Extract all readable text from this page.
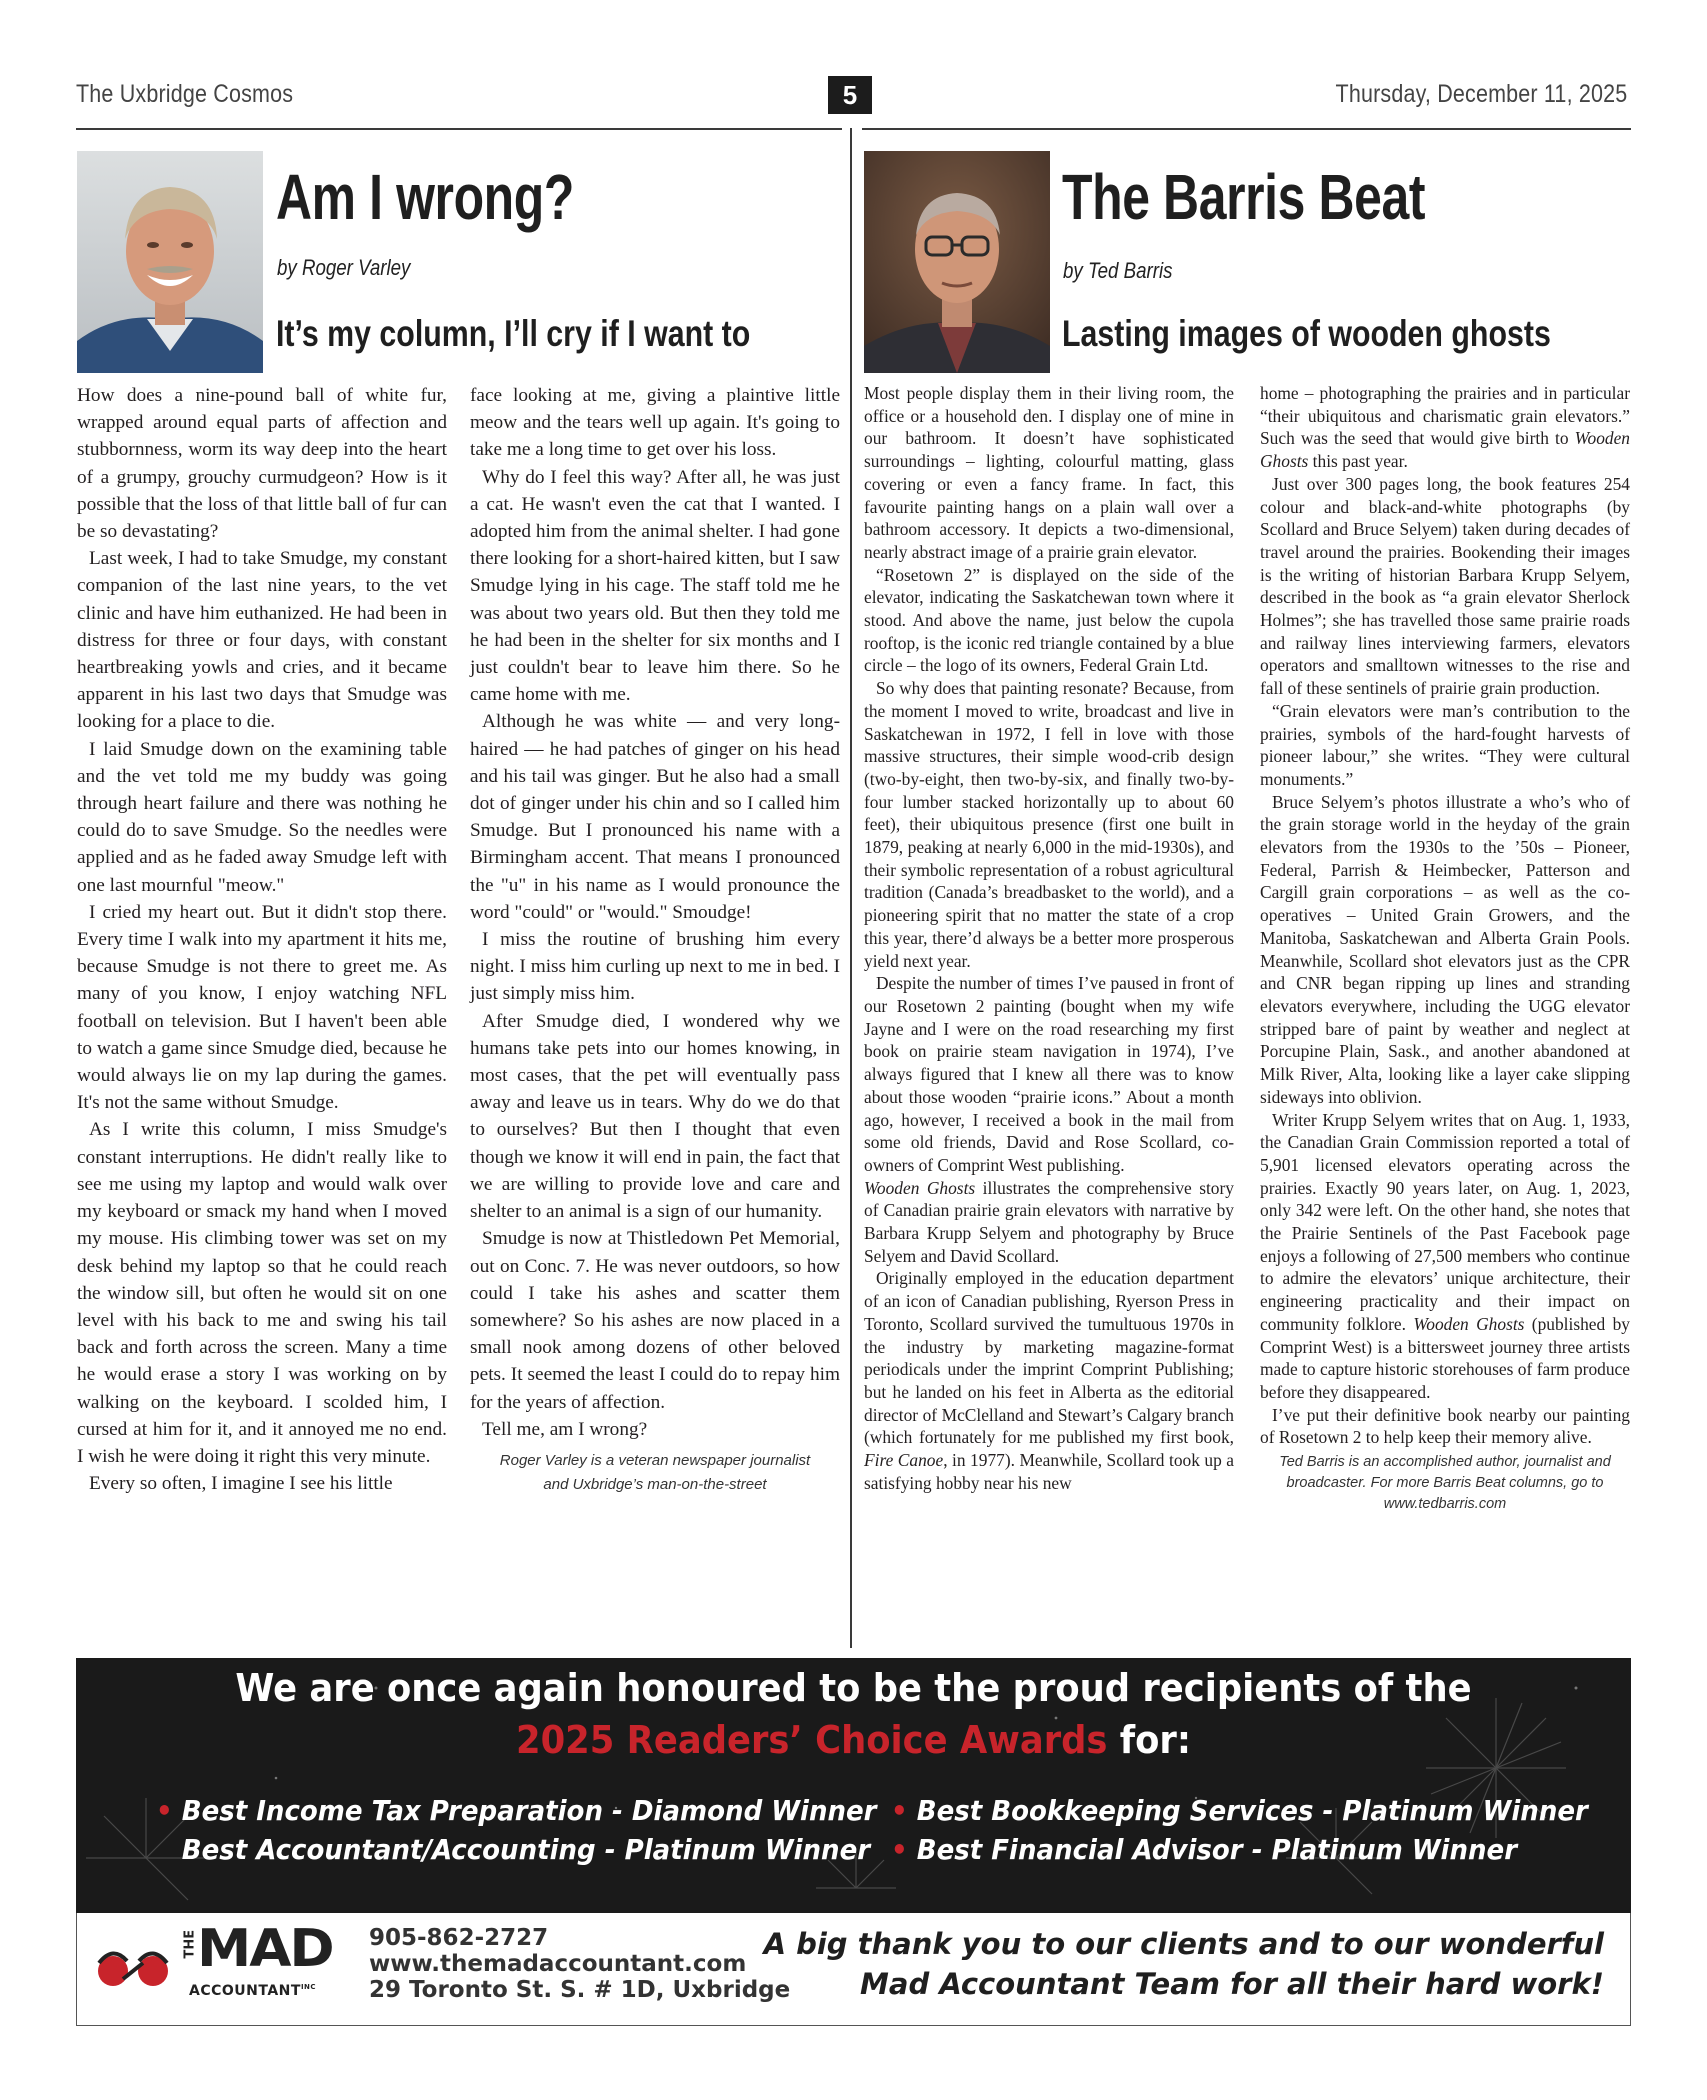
The Uxbridge Cosmos	5	Thursday, December 11, 2025
Am I wrong?
by Roger Varley
It’s my column, I’ll cry if I want to

How does a nine-pound ball of white fur, wrapped around equal parts of affection and stubbornness, worm its way deep into the heart of a grumpy, grouchy curmudgeon? How is it possible that the loss of that little ball of fur can be so devastating?

Last week, I had to take Smudge, my constant companion of the last nine years, to the vet clinic and have him euthanized. He had been in distress for three or four days, with constant heartbreaking yowls and cries, and it became apparent in his last two days that Smudge was looking for a place to die.

I laid Smudge down on the examining table and the vet told me my buddy was going through heart failure and there was nothing he could do to save Smudge. So the needles were applied and as he faded away Smudge left with one last mournful "meow."

I cried my heart out. But it didn't stop there. Every time I walk into my apartment it hits me, because Smudge is not there to greet me. As many of you know, I enjoy watching NFL football on television. But I haven't been able to watch a game since Smudge died, because he would always lie on my lap during the games. It's not the same without Smudge.

As I write this column, I miss Smudge's constant interruptions. He didn't really like to see me using my laptop and would walk over my keyboard or smack my hand when I moved my mouse. His climbing tower was set on my desk behind my laptop so that he could reach the window sill, but often he would sit on one level with his back to me and swing his tail back and forth across the screen. Many a time he would erase a story I was working on by walking on the keyboard. I scolded him, I cursed at him for it, and it annoyed me no end. I wish he were doing it right this very minute.

Every so often, I imagine I see his little

face looking at me, giving a plaintive little meow and the tears well up again. It's going to take me a long time to get over his loss.

Why do I feel this way? After all, he was just a cat. He wasn't even the cat that I wanted. I adopted him from the animal shelter. I had gone there looking for a short-haired kitten, but I saw Smudge lying in his cage. The staff told me he was about two years old. But then they told me he had been in the shelter for six months and I just couldn't bear to leave him there. So he came home with me.

Although he was white — and very long-haired — he had patches of ginger on his head and his tail was ginger. But he also had a small dot of ginger under his chin and so I called him Smudge. But I pronounced his name with a Birmingham accent. That means I pronounced the "u" in his name as I would pronounce the word "could" or "would." Smoudge!

I miss the routine of brushing him every night. I miss him curling up next to me in bed. I just simply miss him.

After Smudge died, I wondered why we humans take pets into our homes knowing, in most cases, that the pet will eventually pass away and leave us in tears. Why do we do that to ourselves? But then I thought that even though we know it will end in pain, the fact that we are willing to provide love and care and shelter to an animal is a sign of our humanity.

Smudge is now at Thistledown Pet Memorial, out on Conc. 7. He was never outdoors, so how could I take his ashes and scatter them somewhere? So his ashes are now placed in a small nook among dozens of other beloved pets. It seemed the least I could do to repay him for the years of affection.

Tell me, am I wrong?

Roger Varley is a veteran newspaper journalist and Uxbridge’s man-on-the-street
The Barris Beat
by Ted Barris
Lasting images of wooden ghosts

Most people display them in their living room, the office or a household den. I display one of mine in our bathroom. It doesn’t have sophisticated surroundings – lighting, colourful matting, glass covering or even a fancy frame. In fact, this favourite painting hangs on a plain wall over a bathroom accessory. It depicts a two-dimensional, nearly abstract image of a prairie grain elevator.

“Rosetown 2” is displayed on the side of the elevator, indicating the Saskatchewan town where it stood. And above the name, just below the cupola rooftop, is the iconic red triangle contained by a blue circle – the logo of its owners, Federal Grain Ltd.

So why does that painting resonate? Because, from the moment I moved to write, broadcast and live in Saskatchewan in 1972, I fell in love with those massive structures, their simple wood-crib design (two-by-eight, then two-by-six, and finally two-by-four lumber stacked horizontally up to about 60 feet), their ubiquitous presence (first one built in 1879, peaking at nearly 6,000 in the mid-1930s), and their symbolic representation of a robust agricultural tradition (Canada’s breadbasket to the world), and a pioneering spirit that no matter the state of a crop this year, there’d always be a better more prosperous yield next year.

Despite the number of times I’ve paused in front of our Rosetown 2 painting (bought when my wife Jayne and I were on the road researching my first book on prairie steam navigation in 1974), I’ve always figured that I knew all there was to know about those wooden “prairie icons.” About a month ago, however, I received a book in the mail from some old friends, David and Rose Scollard, co-owners of Comprint West publishing.

Wooden Ghosts illustrates the comprehensive story of Canadian prairie grain elevators with narrative by Barbara Krupp Selyem and photography by Bruce Selyem and David Scollard.

Originally employed in the education department of an icon of Canadian publishing, Ryerson Press in Toronto, Scollard survived the tumultuous 1970s in the industry by marketing magazine-format periodicals under the imprint Comprint Publishing; but he landed on his feet in Alberta as the editorial director of McClelland and Stewart’s Calgary branch (which fortunately for me published my first book, Fire Canoe, in 1977). Meanwhile, Scollard took up a satisfying hobby near his new

home – photographing the prairies and in particular “their ubiquitous and charismatic grain elevators.” Such was the seed that would give birth to Wooden Ghosts this past year.

Just over 300 pages long, the book features 254 colour and black-and-white photographs (by Scollard and Bruce Selyem) taken during decades of travel around the prairies. Bookending their images is the writing of historian Barbara Krupp Selyem, described in the book as “a grain elevator Sherlock Holmes”; she has travelled those same prairie roads and railway lines interviewing farmers, elevators operators and smalltown witnesses to the rise and fall of these sentinels of prairie grain production.

“Grain elevators were man’s contribution to the prairies, symbols of the hard-fought harvests of pioneer labour,” she writes. “They were cultural monuments.”

Bruce Selyem’s photos illustrate a who’s who of the grain storage world in the heyday of the grain elevators from the 1930s to the ’50s – Pioneer, Federal, Parrish & Heimbecker, Patterson and Cargill grain corporations – as well as the co-operatives – United Grain Growers, and the Manitoba, Saskatchewan and Alberta Grain Pools. Meanwhile, Scollard shot elevators just as the CPR and CNR began ripping up lines and stranding elevators everywhere, including the UGG elevator stripped bare of paint by weather and neglect at Porcupine Plain, Sask., and another abandoned at Milk River, Alta, looking like a layer cake slipping sideways into oblivion.

Writer Krupp Selyem writes that on Aug. 1, 1933, the Canadian Grain Commission reported a total of 5,901 licensed elevators operating across the prairies. Exactly 90 years later, on Aug. 1, 2023, only 342 were left. On the other hand, she notes that the Prairie Sentinels of the Past Facebook page enjoys a following of 27,500 members who continue to admire the elevators’ unique architecture, their engineering practicality and their impact on community folklore. Wooden Ghosts (published by Comprint West) is a bittersweet journey three artists made to capture historic storehouses of farm produce before they disappeared.

I’ve put their definitive book nearby our painting of Rosetown 2 to help keep their memory alive.

Ted Barris is an accomplished author, journalist and broadcaster. For more Barris Beat columns, go to www.tedbarris.com
We are once again honoured to be the proud recipients of the
2025 Readers’ Choice Awards for:
• Best Income Tax Preparation - Diamond Winner
Best Accountant/Accounting - Platinum Winner
• Best Bookkeeping Services - Platinum Winner
• Best Financial Advisor - Platinum Winner
THE MAD
$ACCOUNTANT^{INC}$
905-862-2727
www.themadaccountant.com
29 Toronto St. S. # 1D, Uxbridge
A big thank you to our clients and to our wonderful
Mad Accountant Team for all their hard work!
